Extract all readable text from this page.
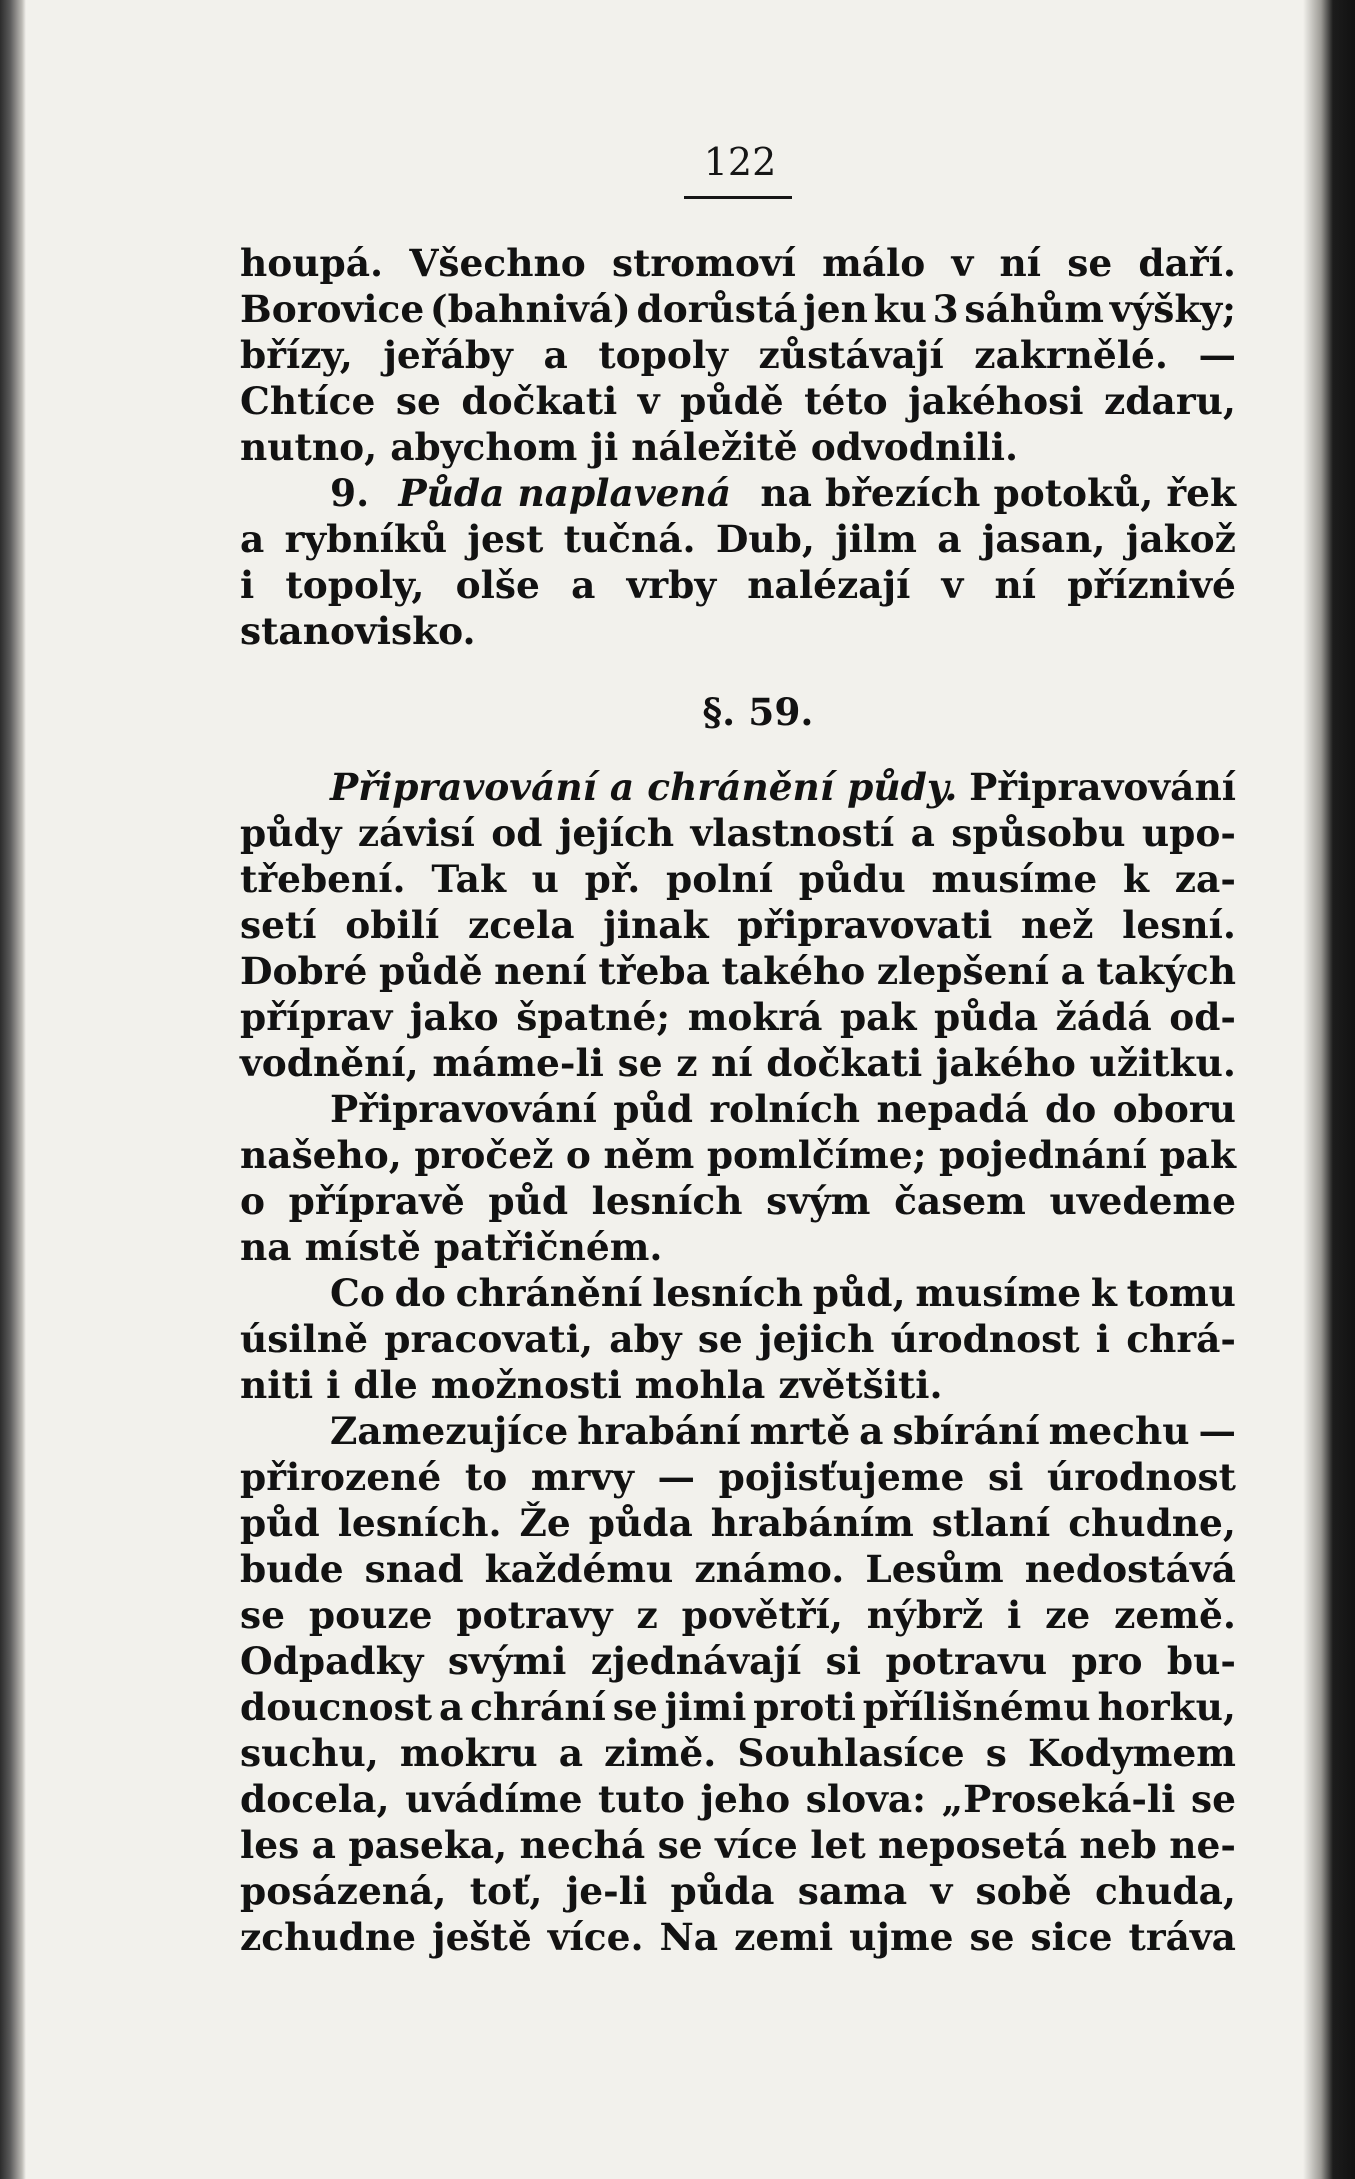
122
houpá. Všechno stromoví málo v ní se daří.
Borovice (bahnivá) dorůstá jen ku 3 sáhům výšky;
břízy, jeřáby a topoly zůstávají zakrnělé. —
Chtíce se dočkati v půdě této jakéhosi zdaru,
nutno, abychom ji náležitě odvodnili.
9. Půda naplavená na březích potoků, řek
a rybníků jest tučná. Dub, jilm a jasan, jakož
i topoly, olše a vrby nalézají v ní příznivé
stanovisko.
§. 59.
Připravování a chránění půdy. Připravování
půdy závisí od jejích vlastností a spůsobu upo-
třebení. Tak u př. polní půdu musíme k za-
setí obilí zcela jinak připravovati než lesní.
Dobré půdě není třeba takého zlepšení a takých
příprav jako špatné; mokrá pak půda žádá od-
vodnění, máme-li se z ní dočkati jakého užitku.
Připravování půd rolních nepadá do oboru
našeho, pročež o něm pomlčíme; pojednání pak
o přípravě půd lesních svým časem uvedeme
na místě patřičném.
Co do chránění lesních půd, musíme k tomu
úsilně pracovati, aby se jejich úrodnost i chrá-
niti i dle možnosti mohla zvětšiti.
Zamezujíce hrabání mrtě a sbírání mechu —
přirozené to mrvy — pojisťujeme si úrodnost
půd lesních. Že půda hrabáním stlaní chudne,
bude snad každému známo. Lesům nedostává
se pouze potravy z povětří, nýbrž i ze země.
Odpadky svými zjednávají si potravu pro bu-
doucnost a chrání se jimi proti přílišnému horku,
suchu, mokru a zimě. Souhlasíce s Kodymem
docela, uvádíme tuto jeho slova: „Proseká-li se
les a paseka, nechá se více let neposetá neb ne-
posázená, toť, je-li půda sama v sobě chuda,
zchudne ještě více. Na zemi ujme se sice tráva
